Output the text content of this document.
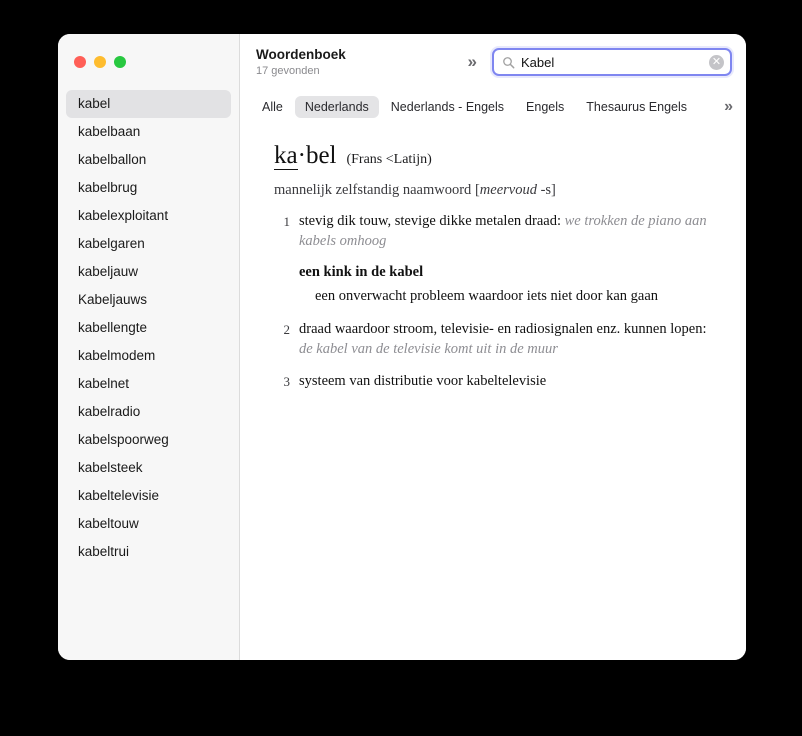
kabel
kabelbaan
kabelballon
kabelbrug
kabelexploitant
kabelgaren
kabeljauw
Kabeljauws
kabellengte
kabelmodem
kabelnet
kabelradio
kabelspoorweg
kabelsteek
kabeltelevisie
kabeltouw
kabeltrui
Woordenboek
17 gevonden	»
Kabel	✕
Alle	Nederlands	Nederlands - Engels	Engels	Thesaurus Engels	»
ka·bel (Frans <Latijn)
mannelijk zelfstandig naamwoord [meervoud -s]
1 stevig dik touw, stevige dikke metalen draad: we trokken de piano aan kabels omhoog
een kink in de kabel
een onverwacht probleem waardoor iets niet door kan gaan
2 draad waardoor stroom, televisie- en radiosignalen enz. kunnen lopen: de kabel van de televisie komt uit in de muur
3 systeem van distributie voor kabeltelevisie
